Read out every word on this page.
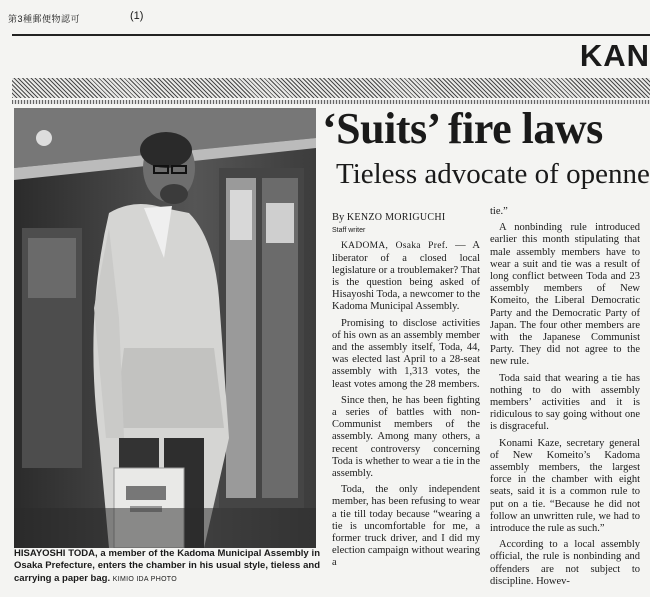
第3種郵便物認可	(1)
KAN
‘Suits’ fire laws
Tieless advocate of openne
HISAYOSHI TODA, a member of the Kadoma Municipal Assembly in Osaka Prefecture, enters the chamber in his usual style, tieless and carrying a paper bag. KIMIO IDA PHOTO
By KENZO MORIGUCHI
Staff writer

KADOMA, Osaka Pref. — A liberator of a closed local legislature or a troublemaker? That is the question being asked of Hisayoshi Toda, a newcomer to the Kadoma Municipal Assembly.

Promising to disclose activities of his own as an assembly member and the assembly itself, Toda, 44, was elected last April to a 28-seat assembly with 1,313 votes, the least votes among the 28 members.

Since then, he has been fighting a series of battles with non-Communist members of the assembly. Among many others, a recent controversy concerning Toda is whether to wear a tie in the assembly.

Toda, the only independent member, has been refusing to wear a tie till today because “wearing a tie is uncomfortable for me, a former truck driver, and I did my election campaign without wearing a

tie.”

A nonbinding rule introduced earlier this month stipulating that male assembly members have to wear a suit and tie was a result of long conflict between Toda and 23 assembly members of New Komeito, the Liberal Democratic Party and the Democratic Party of Japan. The four other members are with the Japanese Communist Party. They did not agree to the new rule.

Toda said that wearing a tie has nothing to do with assembly members’ activities and it is ridiculous to say going without one is disgraceful.

Konami Kaze, secretary general of New Komeito’s Kadoma assembly members, the largest force in the chamber with eight seats, said it is a common rule to put on a tie. “Because he did not follow an unwritten rule, we had to introduce the rule as such.”

According to a local assembly official, the rule is nonbinding and offenders are not subject to discipline. Howev-
